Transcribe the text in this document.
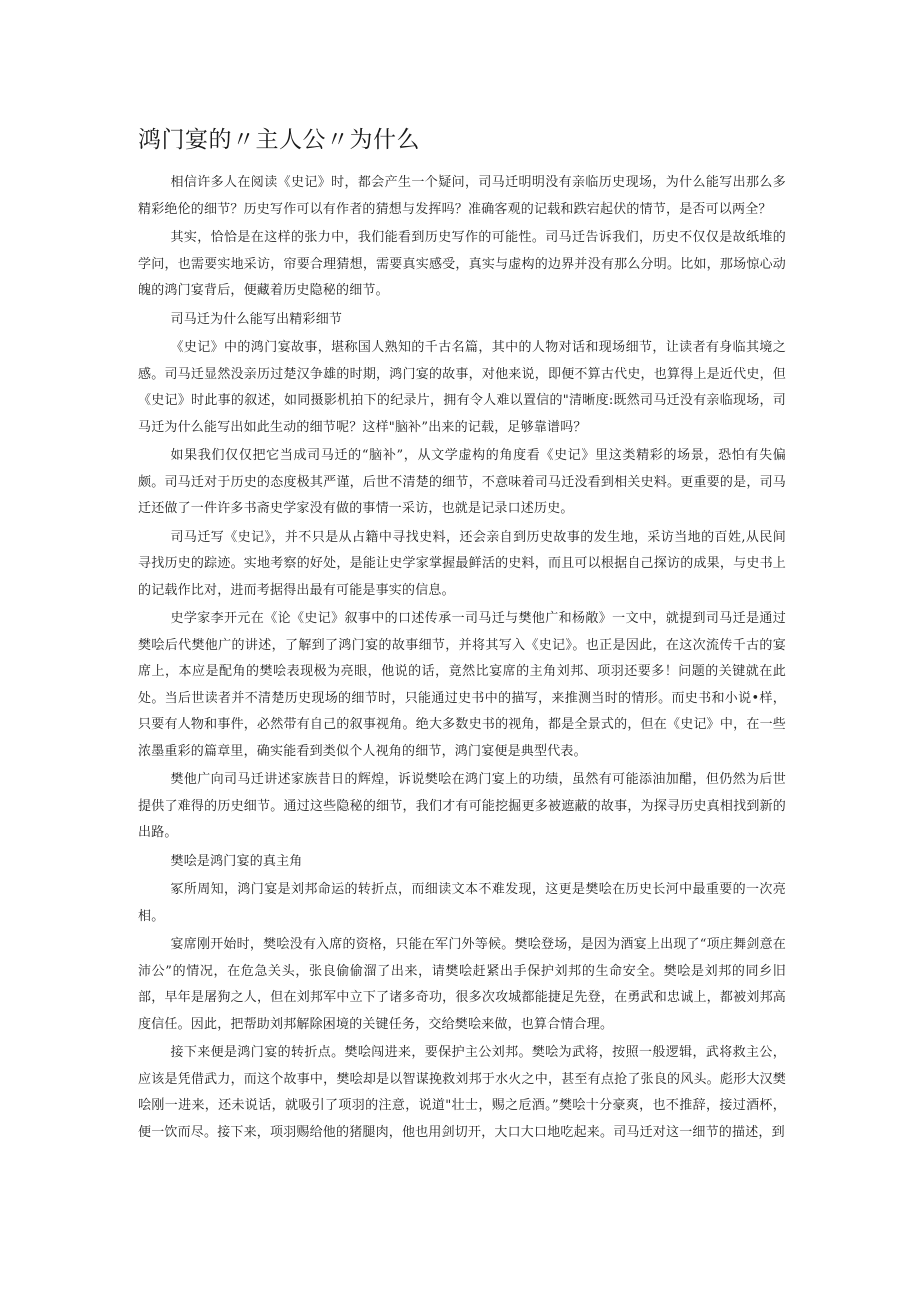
鸿门宴的〃主人公〃为什么

相信许多人在阅读《史记》时，都会产生一个疑问，司马迁明明没有亲临历史现场，为什么能写出那么多精彩绝伦的细节？历史写作可以有作者的猜想与发挥吗？准确客观的记载和跌宕起伏的情节，是否可以两全？

其实，恰恰是在这样的张力中，我们能看到历史写作的可能性。司马迁告诉我们，历史不仅仅是故纸堆的学问，也需要实地采访，帘要合理猜想，需要真实感受，真实与虚构的边界并没有那么分明。比如，那场惊心动魄的鸿门宴背后，便藏着历史隐秘的细节。

司马迁为什么能写出精彩细节

《史记》中的鸿门宴故事，堪称国人熟知的千古名篇，其中的人物对话和现场细节，让读者有身临其境之感。司马迁显然没亲历过楚汉争雄的时期，鸿门宴的故事，对他来说，即便不算古代史，也算得上是近代史，但《史记》时此事的叙述，如同摄影机拍下的纪录片，拥有令人难以置信的"清晰度:既然司马迁没有亲临现场，司马迁为什么能写出如此生动的细节呢？这样"脑补”出来的记载，足够靠谱吗？

如果我们仅仅把它当成司马迁的“脑补”，从文学虚构的角度看《史记》里这类精彩的场景，恐怕有失偏颇。司马迁对于历史的态度极其严谨，后世不清楚的细节，不意味着司马迁没看到相关史料。更重要的是，司马迁还做了一件许多书斋史学家没有做的事情一采访，也就是记录口述历史。

司马迁写《史记》，并不只是从占籍中寻找史料，还会亲自到历史故事的发生地，采访当地的百姓,从民间寻找历史的踪迹。实地考察的好处，是能让史学家掌握最鲜活的史料，而且可以根据自己探访的成果，与史书上的记载作比对，进而考据得出最有可能是事实的信息。

史学家李开元在《论《史记》叙事中的口述传承一司马迁与樊他广和杨敞》一文中，就提到司马迁是通过樊哙后代樊他广的讲述，了解到了鸿门宴的故事细节，并将其写入《史记》。也正是因此，在这次流传千古的宴席上，本应是配角的樊哙表现极为亮眼，他说的话，竟然比宴席的主角刘邦、项羽还要多！问题的关键就在此处。当后世读者并不清楚历史现场的细节时，只能通过史书中的描写，来推测当时的情形。而史书和小说•样，只要有人物和事件，必然带有自己的叙事视角。绝大多数史书的视角，都是全景式的，但在《史记》中，在一些浓墨重彩的篇章里，确实能看到类似个人视角的细节，鸿门宴便是典型代表。

樊他广向司马迁讲述家族昔日的辉煌，诉说樊哙在鸿门宴上的功绩，虽然有可能添油加醋，但仍然为后世提供了难得的历史细节。通过这些隐秘的细节，我们才有可能挖掘更多被遮蔽的故事，为探寻历史真相找到新的出路。

樊哙是鸿门宴的真主角

冢所周知，鸿门宴是刘邦命运的转折点，而细读文本不难发现，这更是樊哙在历史长河中最重要的一次亮相。

宴席刚开始时，樊哙没有入席的资格，只能在军门外等候。樊哙登场，是因为酒宴上出现了“项庄舞剑意在沛公”的情况，在危急关头，张良偷偷溜了出来，请樊哙赶紧出手保护刘邦的生命安全。樊哙是刘邦的同乡旧部，早年是屠狗之人，但在刘邦军中立下了诸多奇功，很多次攻城都能捷足先登，在勇武和忠诚上，都被刘邦高度信任。因此，把帮助刘邦解除困境的关键任务，交给樊哙来做，也算合情合理。

接下来便是鸿门宴的转折点。樊哙闯进来，要保护主公刘邦。樊哙为武将，按照一般逻辑，武将救主公，应该是凭借武力，而这个故事中，樊哙却是以智谋挽救刘邦于水火之中，甚至有点抢了张良的风头。彪形大汉樊哙刚一进来，还未说话，就吸引了项羽的注意，说道"壮士，赐之卮酒。”樊哙十分豪爽，也不推辞，接过酒杯，便一饮而尽。接下来，项羽赐给他的猪腿肉，他也用剑切开，大口大口地吃起来。司马迁对这一细节的描述，到
